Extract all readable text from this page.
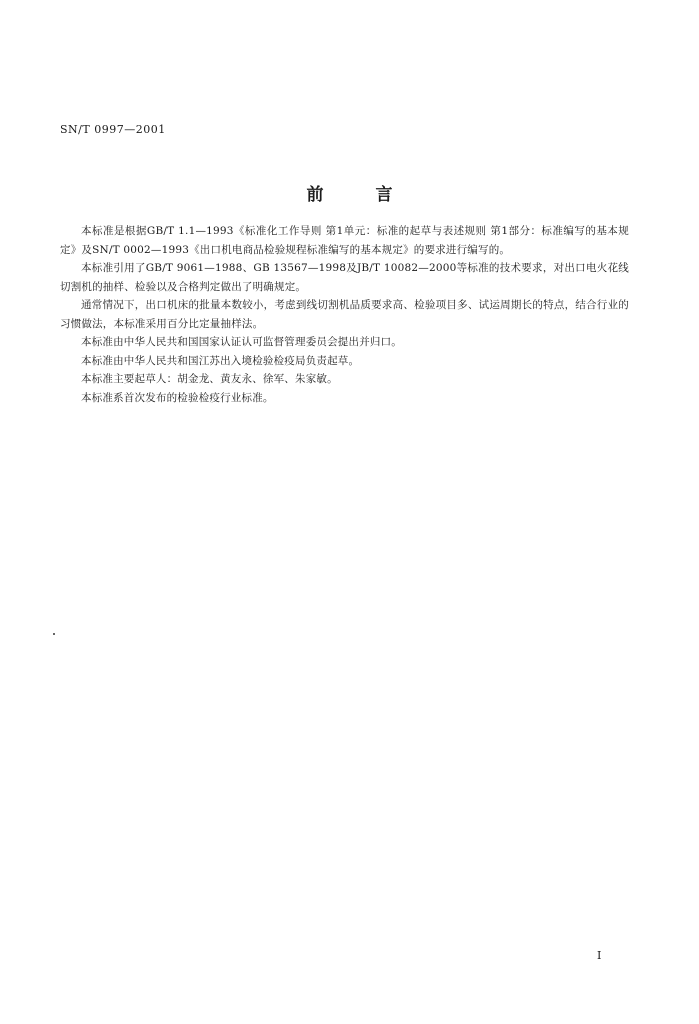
SN/T 0997—2001
前	言

本标准是根据GB/T 1.1—1993《标准化工作导则 第1单元：标准的起草与表述规则 第1部分：标准编写的基本规定》及SN/T 0002—1993《出口机电商品检验规程标准编写的基本规定》的要求进行编写的。

本标准引用了GB/T 9061—1988、GB 13567—1998及JB/T 10082—2000等标准的技术要求，对出口电火花线切割机的抽样、检验以及合格判定做出了明确规定。

通常情况下，出口机床的批量本数较小，考虑到线切割机品质要求高、检验项目多、试运周期长的特点，结合行业的习惯做法，本标准采用百分比定量抽样法。

本标准由中华人民共和国国家认证认可监督管理委员会提出并归口。

本标准由中华人民共和国江苏出入境检验检疫局负责起草。

本标准主要起草人：胡金龙、黄友永、徐军、朱家敏。

本标准系首次发布的检验检疫行业标准。

I
